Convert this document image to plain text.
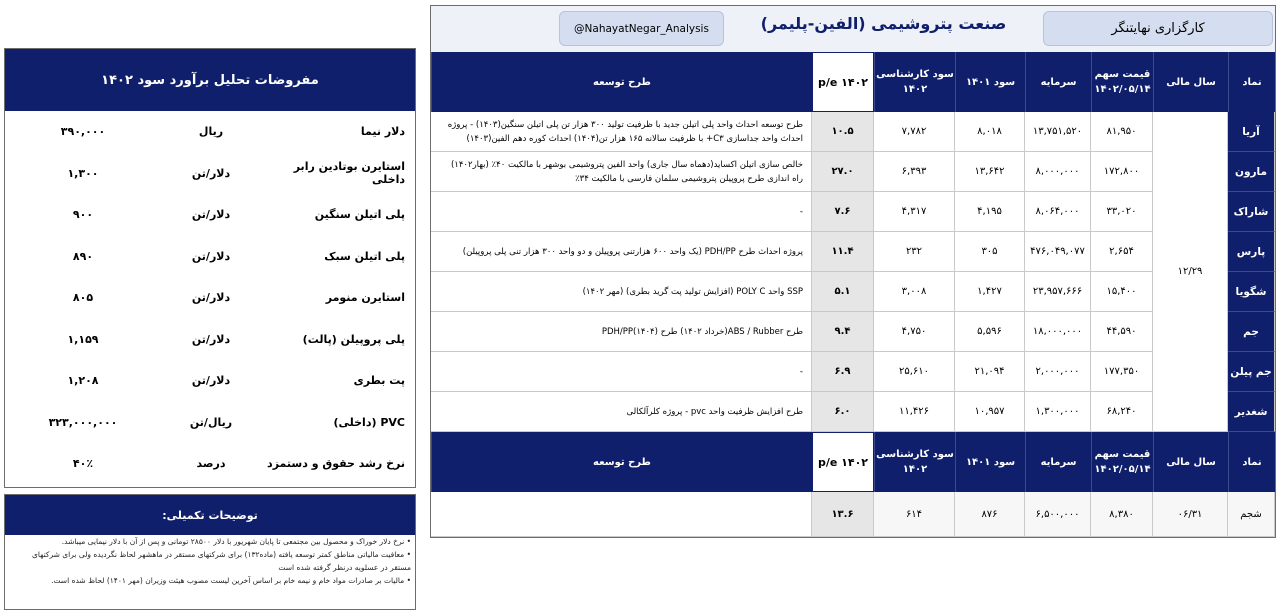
مفروضات تحلیل برآورد سود ۱۴۰۲
دلار نیما
ریال
۳۹۰,۰۰۰
استایرن بوتادین رابر داخلی
دلار/تن
۱,۳۰۰
پلی اتیلن سنگین
دلار/تن
۹۰۰
پلی اتیلن سبک
دلار/تن
۸۹۰
استایرن منومر
دلار/تن
۸۰۵
پلی پروپیلن (پالت)
دلار/تن
۱,۱۵۹
پت بطری
دلار/تن
۱,۲۰۸
PVC (داخلی)
ریال/تن
۳۲۳,۰۰۰,۰۰۰
نرخ رشد حقوق و دستمزد
درصد
۴۰٪
توضیحات تکمیلی:
• نرخ دلار خوراک و محصول بین مجتمعی تا پایان شهریور با دلار ۲۸۵۰۰ تومانی و پس از آن با دلار نیمایی میباشد.
• معافیت مالیاتی مناطق کمتر توسعه یافته (ماده۱۳۲) برای شرکتهای مستقر در ماهشهر لحاظ نگردیده ولی برای شرکتهای مستقر در عسلویه درنظر گرفته شده است
• مالیات بر صادرات مواد خام و نیمه خام بر اساس آخرین لیست مصوب هیئت وزیران (مهر ۱۴۰۱) لحاظ شده است.
@NahayatNegar_Analysis	صنعت پتروشیمی (الفین-پلیمر)	کارگزاری نهایتنگر
نماد
سال مالی
قیمت سهم ۱۴۰۲/۰۵/۱۴
سرمایه
سود ۱۴۰۱
سود کارشناسی ۱۴۰۲
p/e ۱۴۰۲
طرح توسعه
آریا
۸۱,۹۵۰
۱۳,۷۵۱,۵۲۰
۸,۰۱۸
۷,۷۸۲
۱۰.۵
طرح توسعه احداث واحد پلی اتیلن جدید با ظرفیت تولید ۳۰۰ هزار تن پلی اتیلن سنگین(۱۴۰۳) - پروژه احداث واحد جداسازی C۳+ با ظرفیت سالانه ۱۶۵ هزار تن(۱۴۰۴) احداث کوره دهم الفین(۱۴۰۳)
مارون
۱۷۲,۸۰۰
۸,۰۰۰,۰۰۰
۱۳,۶۴۲
۶,۳۹۳
۲۷.۰
خالص سازی اتیلن اکساید(دهماه سال جاری) واحد الفین پتروشیمی بوشهر با مالکیت ۴۰٪ (بهار۱۴۰۲) راه اندازی طرح پروپیلن پتروشیمی سلمان فارسی با مالکیت ۳۴٪
شاراک
۳۳,۰۲۰
۸,۰۶۴,۰۰۰
۴,۱۹۵
۴,۳۱۷
۷.۶
-
پارس
۲,۶۵۴
۴۷۶,۰۴۹,۰۷۷
۳۰۵
۲۳۲
۱۱.۴
پروژه احداث طرح PDH/PP (یک واحد ۶۰۰ هزارتنی پروپیلن و دو واحد ۳۰۰ هزار تنی پلی پروپیلن)
شگویا
۱۵,۴۰۰
۲۳,۹۵۷,۶۶۶
۱,۴۲۷
۳,۰۰۸
۵.۱
SSP واحد POLY C (افزایش تولید پت گرید بطری) (مهر ۱۴۰۲)
جم
۴۴,۵۹۰
۱۸,۰۰۰,۰۰۰
۵,۵۹۶
۴,۷۵۰
۹.۴
طرح ABS / Rubber(خرداد ۱۴۰۲) طرح PDH/PP(۱۴۰۴)
جم پیلن
۱۷۷,۳۵۰
۲,۰۰۰,۰۰۰
۲۱,۰۹۴
۲۵,۶۱۰
۶.۹
-
شغدیر
۶۸,۲۴۰
۱,۳۰۰,۰۰۰
۱۰,۹۵۷
۱۱,۴۲۶
۶.۰
طرح افزایش ظرفیت واحد pvc - پروژه کلرآلکالی
۱۲/۲۹
نماد
سال مالی
قیمت سهم ۱۴۰۲/۰۵/۱۴
سرمایه
سود ۱۴۰۱
سود کارشناسی ۱۴۰۲
p/e ۱۴۰۲
طرح توسعه
شجم
۰۶/۳۱
۸,۳۸۰
۶,۵۰۰,۰۰۰
۸۷۶
۶۱۴
۱۳.۶
